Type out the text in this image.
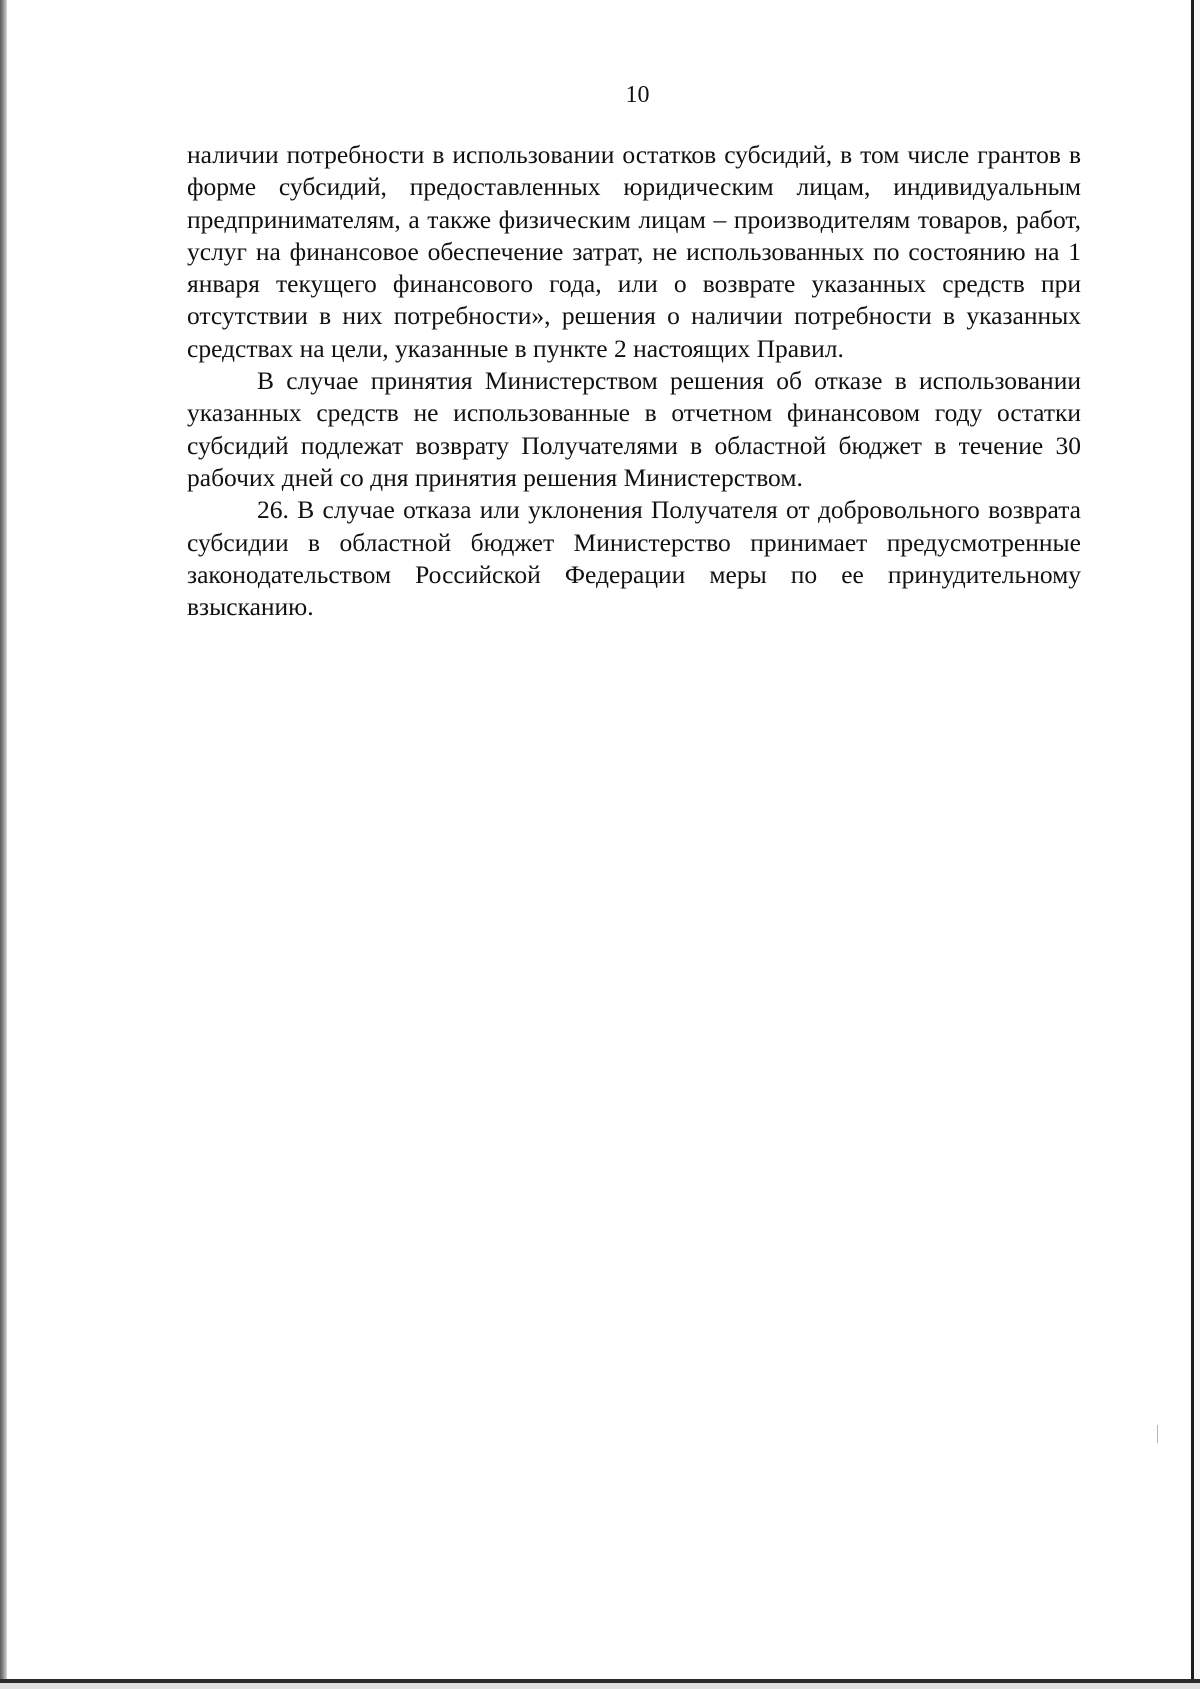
10

наличии потребности в использовании остатков субсидий, в том числе грантов в форме субсидий, предоставленных юридическим лицам, индивидуальным предпринимателям, а также физическим лицам – производителям товаров, работ, услуг на финансовое обеспечение затрат, не использованных по состоянию на 1 января текущего финансового года, или о возврате указанных средств при отсутствии в них потребности», решения о наличии потребности в указанных средствах на цели, указанные в пункте 2 настоящих Правил.

В случае принятия Министерством решения об отказе в использовании указанных средств не использованные в отчетном финансовом году остатки субсидий подлежат возврату Получателями в областной бюджет в течение 30 рабочих дней со дня принятия решения Министерством.

26. В случае отказа или уклонения Получателя от добровольного возврата субсидии в областной бюджет Министерство принимает предусмотренные законодательством Российской Федерации меры по ее принудительному взысканию.
